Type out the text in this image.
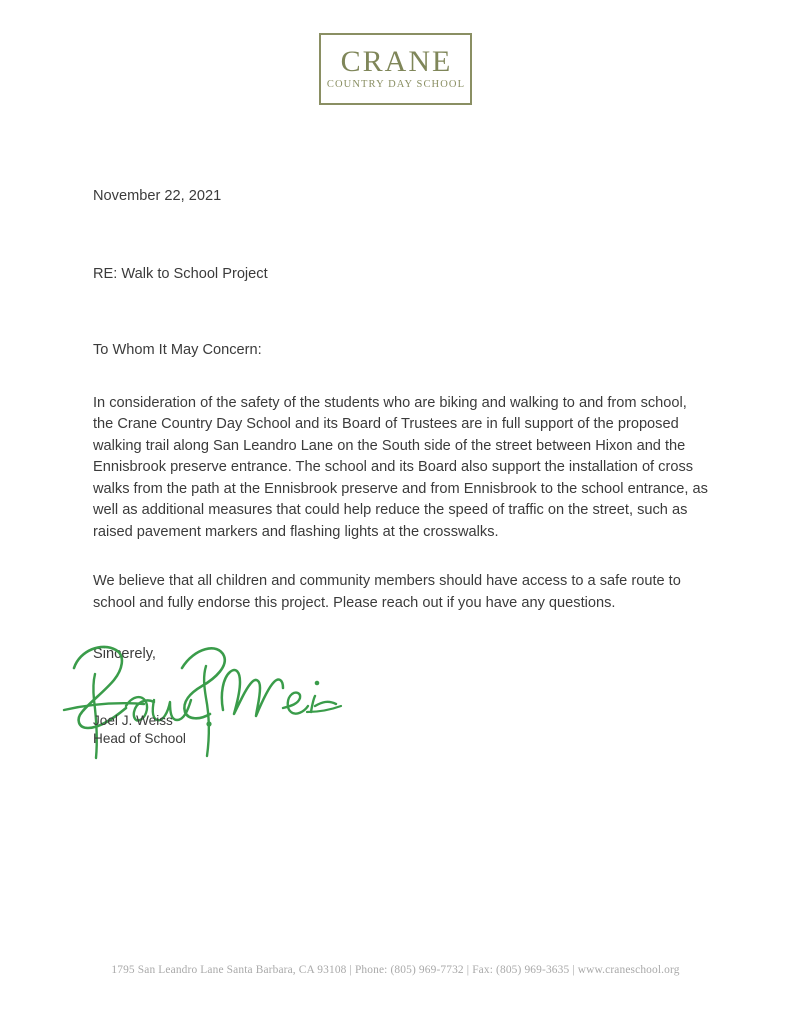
CRANE
COUNTRY DAY SCHOOL

November 22, 2021

RE: Walk to School Project

To Whom It May Concern:

In consideration of the safety of the students who are biking and walking to and from school, the Crane Country Day School and its Board of Trustees are in full support of the proposed walking trail along San Leandro Lane on the South side of the street between Hixon and the Ennisbrook preserve entrance. The school and its Board also support the installation of cross walks from the path at the Ennisbrook preserve and from Ennisbrook to the school entrance, as well as additional measures that could help reduce the speed of traffic on the street, such as raised pavement markers and flashing lights at the crosswalks.

We believe that all children and community members should have access to a safe route to school and fully endorse this project. Please reach out if you have any questions.

Sincerely,

Joel J. Weiss
Head of School
1795 San Leandro Lane Santa Barbara, CA 93108 | Phone: (805) 969-7732 | Fax: (805) 969-3635 | www.craneschool.org
